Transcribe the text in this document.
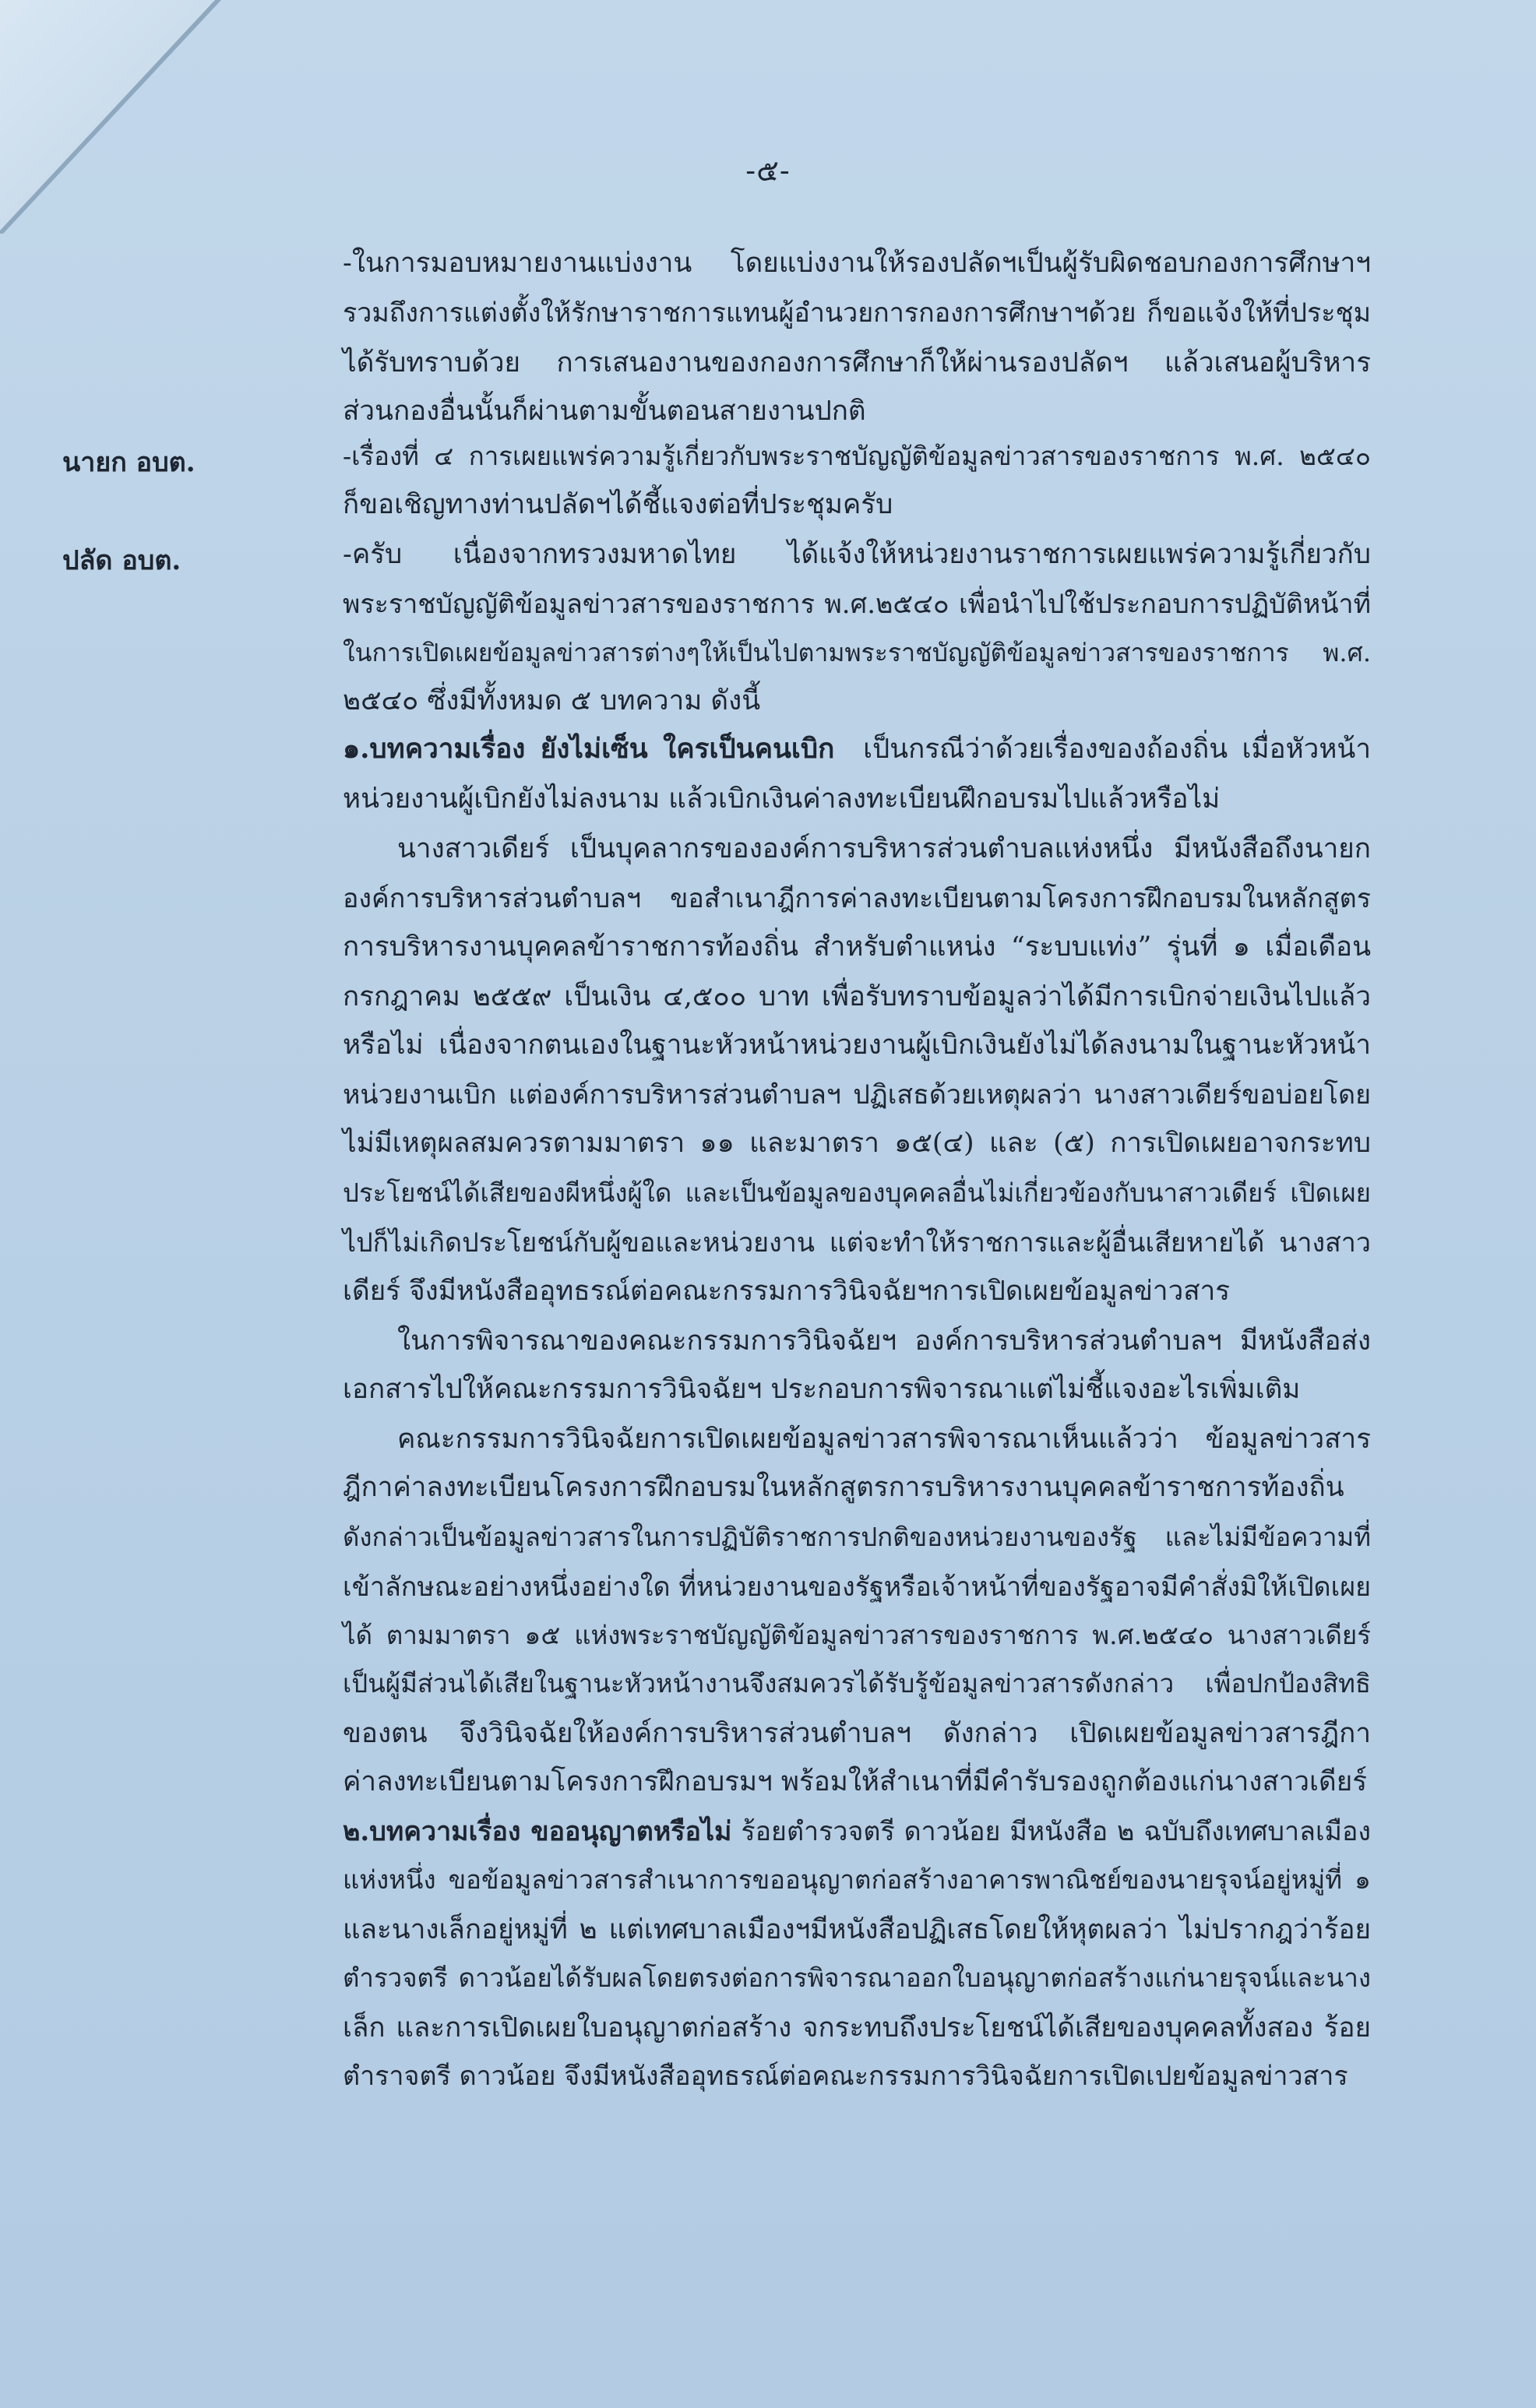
-๕-
นายก อบต.
ปลัด อบต.
-ในการมอบหมายงานแบ่งงาน โดยแบ่งงานให้รองปลัดฯเป็นผู้รับผิดชอบกองการศึกษาฯ
รวมถึงการแต่งตั้งให้รักษาราชการแทนผู้อำนวยการกองการศึกษาฯด้วย ก็ขอแจ้งให้ที่ประชุม
ได้รับทราบด้วย การเสนองานของกองการศึกษาก็ให้ผ่านรองปลัดฯ แล้วเสนอผู้บริหาร
ส่วนกองอื่นนั้นก็ผ่านตามขั้นตอนสายงานปกติ
-เรื่องที่ ๔ การเผยแพร่ความรู้เกี่ยวกับพระราชบัญญัติข้อมูลข่าวสารของราชการ พ.ศ. ๒๕๔๐
ก็ขอเชิญทางท่านปลัดฯได้ชี้แจงต่อที่ประชุมครับ
-ครับ เนื่องจากทรวงมหาดไทย ได้แจ้งให้หน่วยงานราชการเผยแพร่ความรู้เกี่ยวกับ
พระราชบัญญัติข้อมูลข่าวสารของราชการ พ.ศ.๒๕๔๐ เพื่อนำไปใช้ประกอบการปฏิบัติหน้าที่
ในการเปิดเผยข้อมูลข่าวสารต่างๆให้เป็นไปตามพระราชบัญญัติข้อมูลข่าวสารของราชการ พ.ศ.
๒๕๔๐ ซึ่งมีทั้งหมด ๕ บทความ ดังนี้
๑.บทความเรื่อง ยังไม่เซ็น ใครเป็นคนเบิก เป็นกรณีว่าด้วยเรื่องของถ้องถิ่น เมื่อหัวหน้า
หน่วยงานผู้เบิกยังไม่ลงนาม แล้วเบิกเงินค่าลงทะเบียนฝึกอบรมไปแล้วหรือไม่
นางสาวเดียร์ เป็นบุคลากรขององค์การบริหารส่วนตำบลแห่งหนึ่ง มีหนังสือถึงนายก
องค์การบริหารส่วนตำบลฯ ขอสำเนาฎีการค่าลงทะเบียนตามโครงการฝึกอบรมในหลักสูตร
การบริหารงานบุคคลข้าราชการท้องถิ่น สำหรับตำแหน่ง “ระบบแท่ง” รุ่นที่ ๑ เมื่อเดือน
กรกฎาคม ๒๕๕๙ เป็นเงิน ๔,๕๐๐ บาท เพื่อรับทราบข้อมูลว่าได้มีการเบิกจ่ายเงินไปแล้ว
หรือไม่ เนื่องจากตนเองในฐานะหัวหน้าหน่วยงานผู้เบิกเงินยังไม่ได้ลงนามในฐานะหัวหน้า
หน่วยงานเบิก แต่องค์การบริหารส่วนตำบลฯ ปฏิเสธด้วยเหตุผลว่า นางสาวเดียร์ขอบ่อยโดย
ไม่มีเหตุผลสมควรตามมาตรา ๑๑ และมาตรา ๑๕(๔) และ (๕) การเปิดเผยอาจกระทบ
ประโยชน์ได้เสียของผีหนึ่งผู้ใด และเป็นข้อมูลของบุคคลอื่นไม่เกี่ยวข้องกับนาสาวเดียร์ เปิดเผย
ไปก็ไม่เกิดประโยชน์กับผู้ขอและหน่วยงาน แต่จะทำให้ราชการและผู้อื่นเสียหายได้ นางสาว
เดียร์ จึงมีหนังสืออุทธรณ์ต่อคณะกรรมการวินิจฉัยฯการเปิดเผยข้อมูลข่าวสาร
ในการพิจารณาของคณะกรรมการวินิจฉัยฯ องค์การบริหารส่วนตำบลฯ มีหนังสือส่ง
เอกสารไปให้คณะกรรมการวินิจฉัยฯ ประกอบการพิจารณาแต่ไม่ชี้แจงอะไรเพิ่มเติม
คณะกรรมการวินิจฉัยการเปิดเผยข้อมูลข่าวสารพิจารณาเห็นแล้วว่า ข้อมูลข่าวสาร
ฎีกาค่าลงทะเบียนโครงการฝึกอบรมในหลักสูตรการบริหารงานบุคคลข้าราชการท้องถิ่น
ดังกล่าวเป็นข้อมูลข่าวสารในการปฏิบัติราชการปกติของหน่วยงานของรัฐ และไม่มีข้อความที่
เข้าลักษณะอย่างหนึ่งอย่างใด ที่หน่วยงานของรัฐหรือเจ้าหน้าที่ของรัฐอาจมีคำสั่งมิให้เปิดเผย
ได้ ตามมาตรา ๑๕ แห่งพระราชบัญญัติข้อมูลข่าวสารของราชการ พ.ศ.๒๕๔๐ นางสาวเดียร์
เป็นผู้มีส่วนได้เสียในฐานะหัวหน้างานจึงสมควรได้รับรู้ข้อมูลข่าวสารดังกล่าว เพื่อปกป้องสิทธิ
ของตน จึงวินิจฉัยให้องค์การบริหารส่วนตำบลฯ ดังกล่าว เปิดเผยข้อมูลข่าวสารฎีกา
ค่าลงทะเบียนตามโครงการฝึกอบรมฯ พร้อมให้สำเนาที่มีคำรับรองถูกต้องแก่นางสาวเดียร์
๒.บทความเรื่อง ขออนุญาตหรือไม่ ร้อยตำรวจตรี ดาวน้อย มีหนังสือ ๒ ฉบับถึงเทศบาลเมือง
แห่งหนึ่ง ขอข้อมูลข่าวสารสำเนาการขออนุญาตก่อสร้างอาคารพาณิชย์ของนายรุจน์อยู่หมู่ที่ ๑
และนางเล็กอยู่หมู่ที่ ๒ แต่เทศบาลเมืองฯมีหนังสือปฏิเสธโดยให้หุตผลว่า ไม่ปรากฎว่าร้อย
ตำรวจตรี ดาวน้อยได้รับผลโดยตรงต่อการพิจารณาออกใบอนุญาตก่อสร้างแก่นายรุจน์และนาง
เล็ก และการเปิดเผยใบอนุญาตก่อสร้าง จกระทบถึงประโยชน์ได้เสียของบุคคลทั้งสอง ร้อย
ตำราจตรี ดาวน้อย จึงมีหนังสืออุทธรณ์ต่อคณะกรรมการวินิจฉัยการเปิดเปยข้อมูลข่าวสาร
